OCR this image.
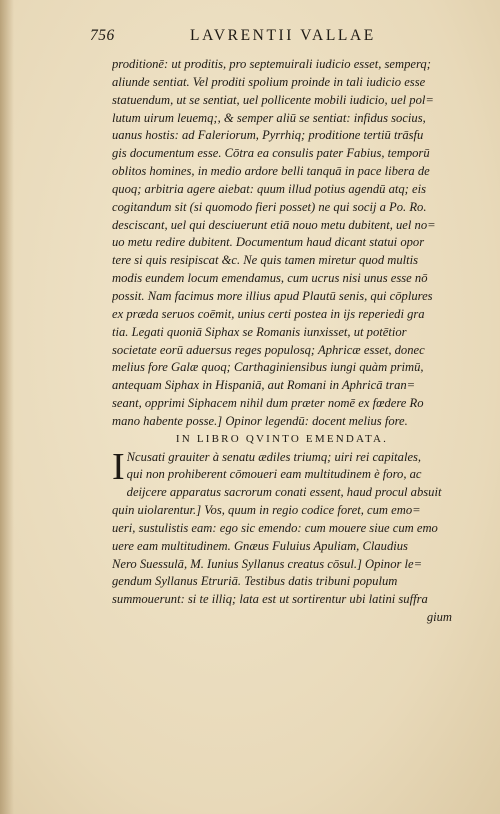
756	LAVRENTII VALLAE
proditionē: ut proditis, pro septemuirali iudicio esset, semperq;
aliunde sentiat. Vel proditi spolium proinde in tali iudicio esse
statuendum, ut se sentiat, uel pollicente mobili iudicio, uel pol=
lutum uirum leuemq;, & semper aliū se sentiat: infidus socius,
uanus hostis: ad Faleriorum, Pyrrhiq; proditione tertiū trāsfu
gis documentum esse. Cōtra ea consulis pater Fabius, temporū
oblitos homines, in medio ardore belli tanquā in pace libera de
quoq; arbitria agere aiebat: quum illud potius agendū atq; eis
cogitandum sit (si quomodo fieri posset) ne qui socij a Po. Ro.
desciscant, uel qui desciuerunt etiā nouo metu dubitent, uel no=
uo metu redire dubitent. Documentum haud dicant statui opor
tere si quis resipiscat &c. Ne quis tamen miretur quod multis
modis eundem locum emendamus, cum ucrus nisi unus esse nō
possit. Nam facimus more illius apud Plautū senis, qui cōplures
ex præda seruos coēmit, unius certi postea in ijs reperiedi gra
tia. Legati quoniā Siphax se Romanis iunxisset, ut potētior
societate eorū aduersus reges populosq; Aphricæ esset, donec
melius fore Galæ quoq; Carthaginiensibus iungi quàm primū,
antequam Siphax in Hispaniā, aut Romani in Aphricā tran=
seant, opprimi Siphacem nihil dum præter nomē ex fœdere Ro
mano habente posse.] Opinor legendū: docent melius fore.
IN LIBRO QVINTO EMENDATA.
I Ncusati grauiter à senatu ædiles triumq; uiri rei capitales,
qui non prohiberent cōmoueri eam multitudinem è foro, ac
deijcere apparatus sacrorum conati essent, haud procul absuit
quin uiolarentur.] Vos, quum in regio codice foret, cum emo=
ueri, sustulistis eam: ego sic emendo: cum mouere siue cum emo
uere eam multitudinem. Gnæus Fuluius Apuliam, Claudius
Nero Suessulā, M. Iunius Syllanus creatus cōsul.] Opinor le=
gendum Syllanus Etruriā. Testibus datis tribuni populum
summouerunt: si te illiq; lata est ut sortirentur ubi latini suffra
gium
